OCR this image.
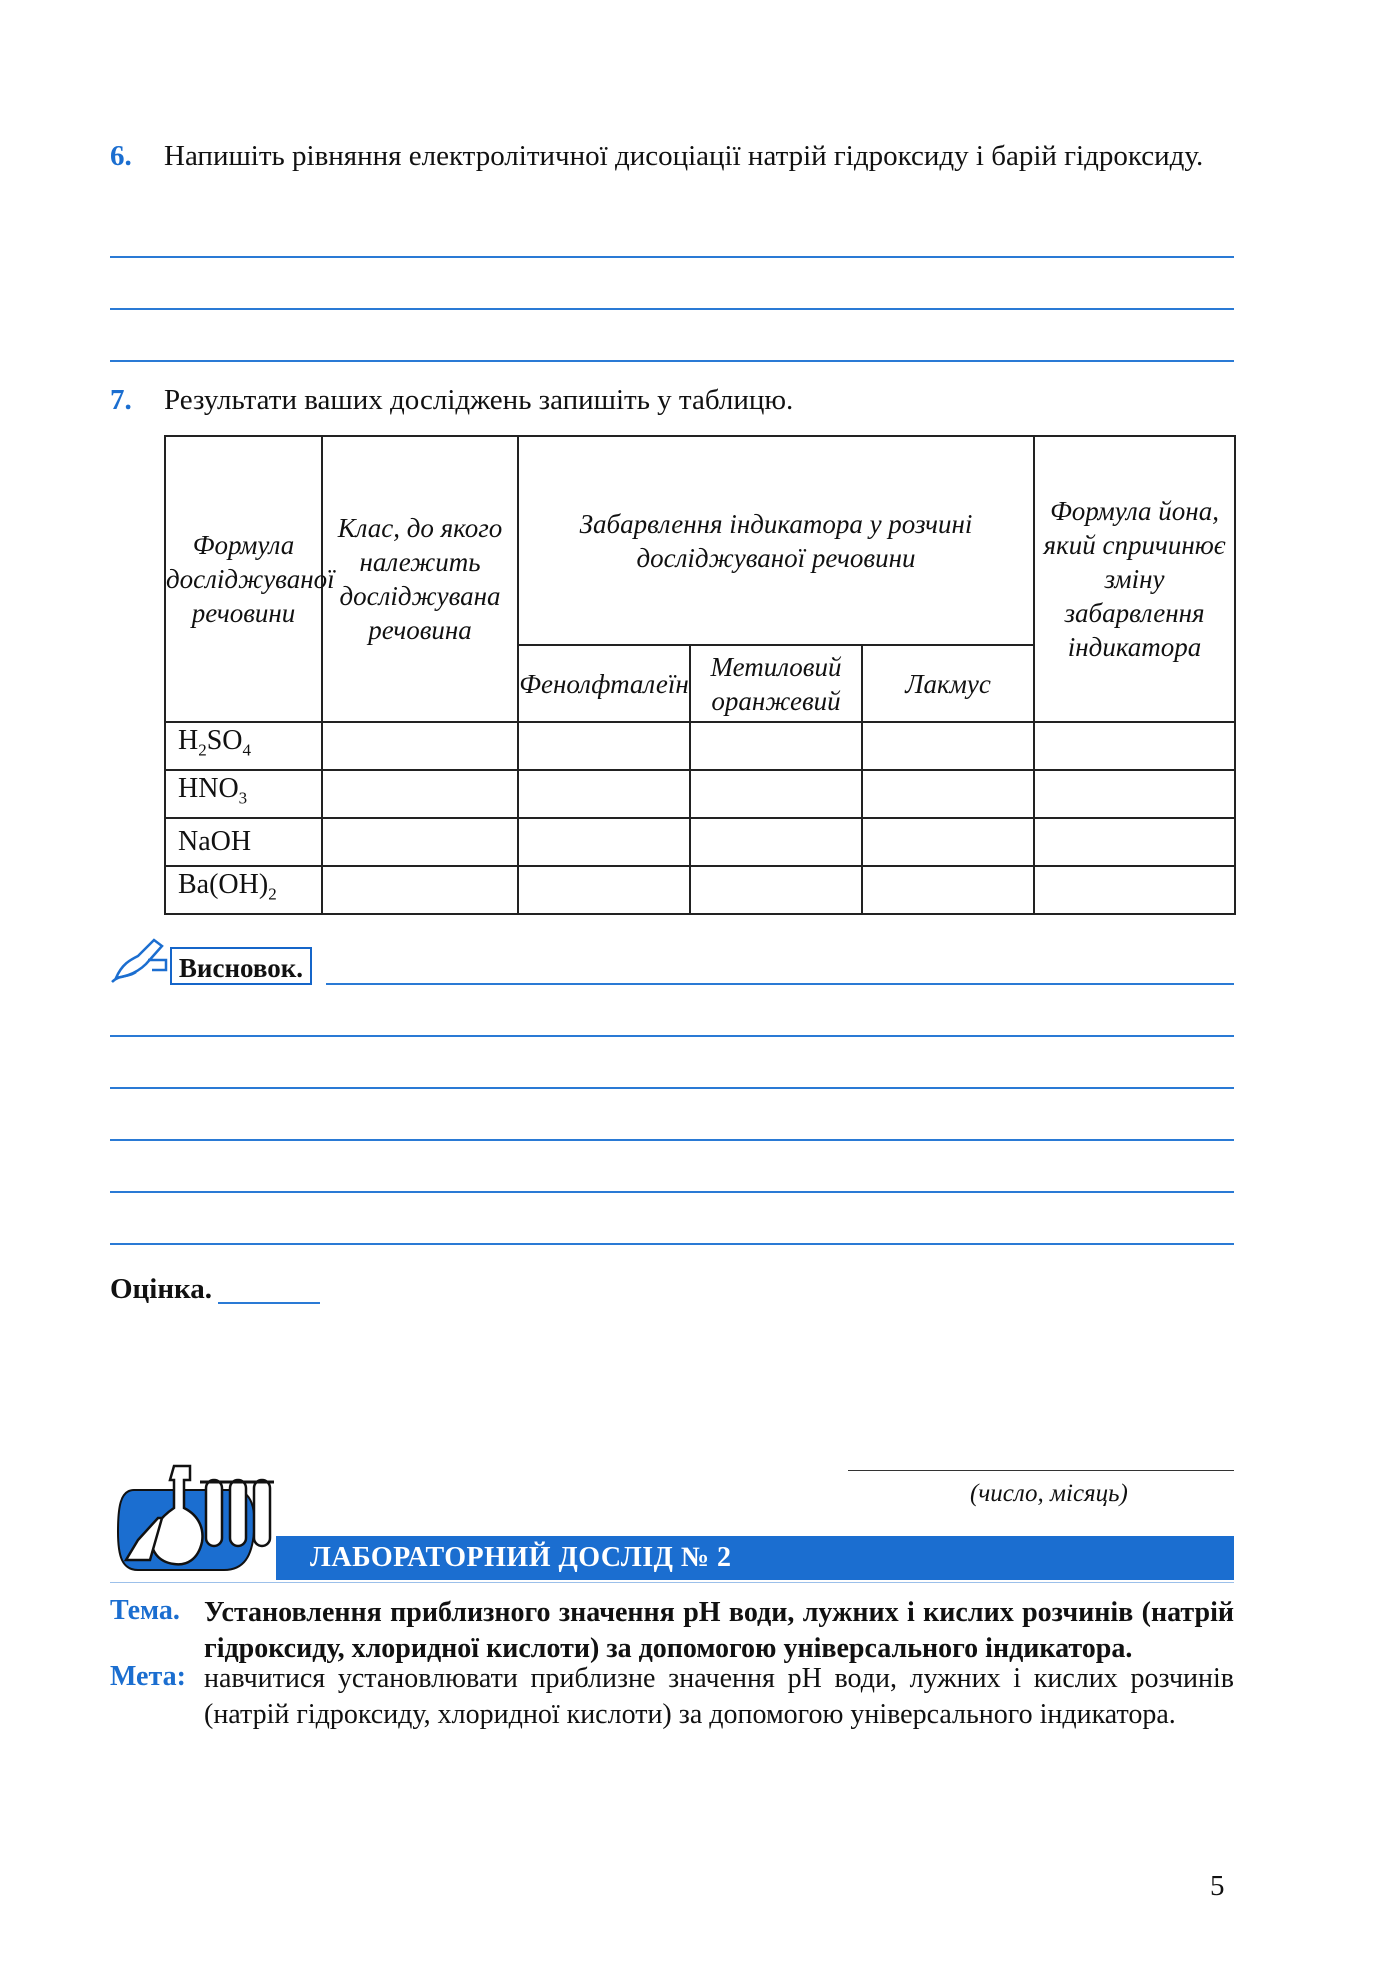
6. Напишіть рівняння електролітичної дисоціації натрій гідроксиду і барій гідроксиду.
7. Результати ваших досліджень запишіть у таблицю.
Формула досліджуваної речовини	Клас, до якого належить досліджувана речовина	Забарвлення індикатора у розчині досліджуваної речовини			Формула йона, який спричинює зміну забарвлення індикатора
		Фенолфталеїн	Метиловий оранжевий	Лакмус	
$H_2SO_4$					
$HNO_3$					
NaOH					
$Ba(OH)_2$					
Висновок.
Оцінка.
(число, місяць)
ЛАБОРАТОРНИЙ ДОСЛІД № 2
Тема. Установлення приблизного значення pH води, лужних і кислих розчинів (натрій гідроксиду, хлоридної кислоти) за допомогою універсального індикатора.
Мета: навчитися установлювати приблизне значення pH води, лужних і кислих розчинів (натрій гідроксиду, хлоридної кислоти) за допомогою універсального індикатора.
5
